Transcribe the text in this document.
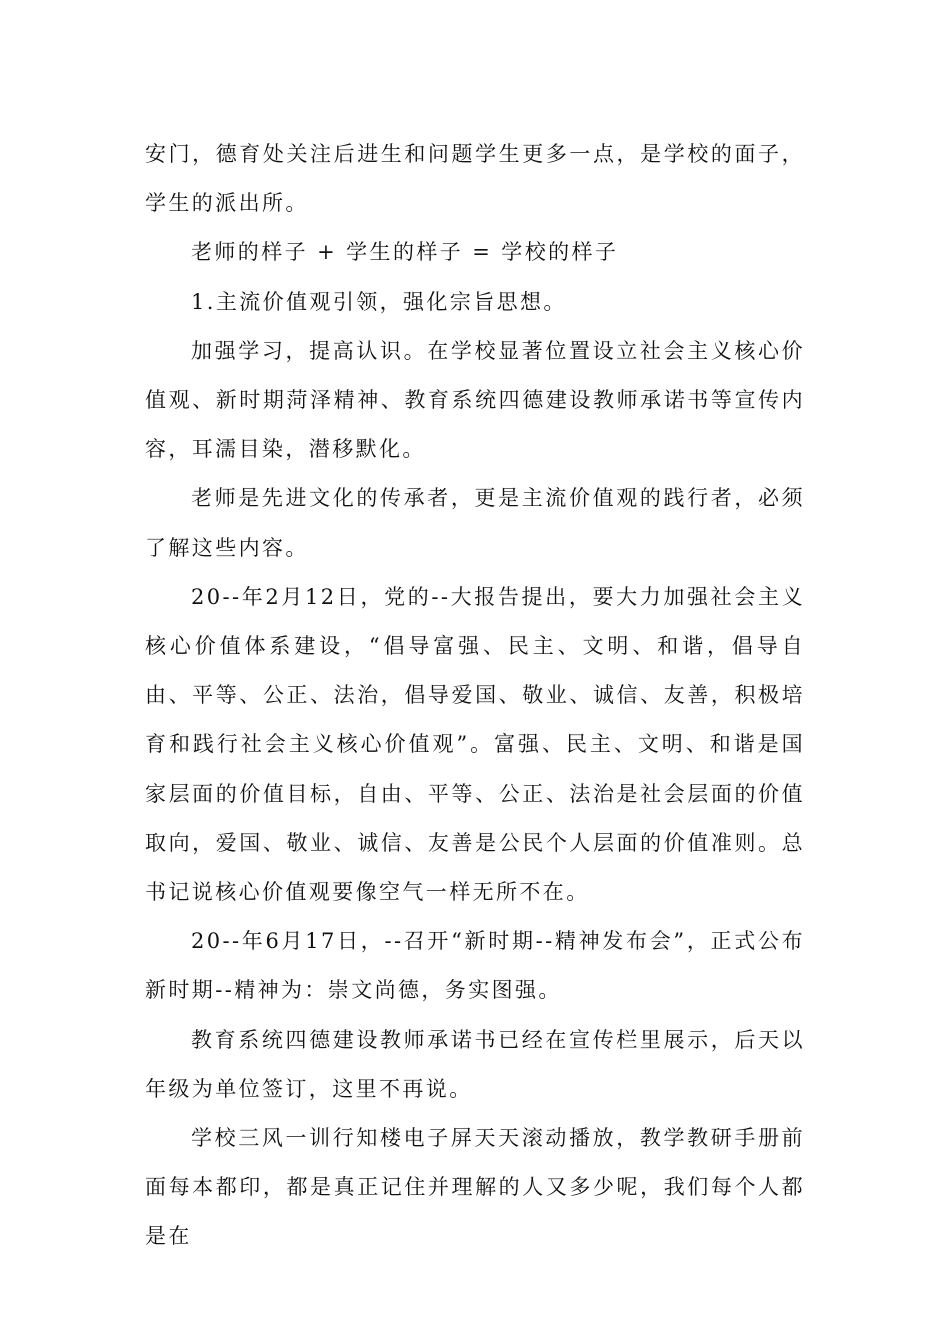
安门，德育处关注后进生和问题学生更多一点，是学校的面子，学生的派出所。

老师的样子 + 学生的样子 = 学校的样子

1.主流价值观引领，强化宗旨思想。

加强学习，提高认识。在学校显著位置设立社会主义核心价值观、新时期菏泽精神、教育系统四德建设教师承诺书等宣传内容，耳濡目染，潜移默化。

老师是先进文化的传承者，更是主流价值观的践行者，必须了解这些内容。

20--年2月12日，党的--大报告提出，要大力加强社会主义核心价值体系建设，“倡导富强、民主、文明、和谐，倡导自由、平等、公正、法治，倡导爱国、敬业、诚信、友善，积极培育和践行社会主义核心价值观”。富强、民主、文明、和谐是国家层面的价值目标，自由、平等、公正、法治是社会层面的价值取向，爱国、敬业、诚信、友善是公民个人层面的价值准则。总书记说核心价值观要像空气一样无所不在。

20--年6月17日，--召开“新时期--精神发布会”，正式公布新时期--精神为：崇文尚德，务实图强。

教育系统四德建设教师承诺书已经在宣传栏里展示，后天以年级为单位签订，这里不再说。

学校三风一训行知楼电子屏天天滚动播放，教学教研手册前面每本都印，都是真正记住并理解的人又多少呢，我们每个人都是在
